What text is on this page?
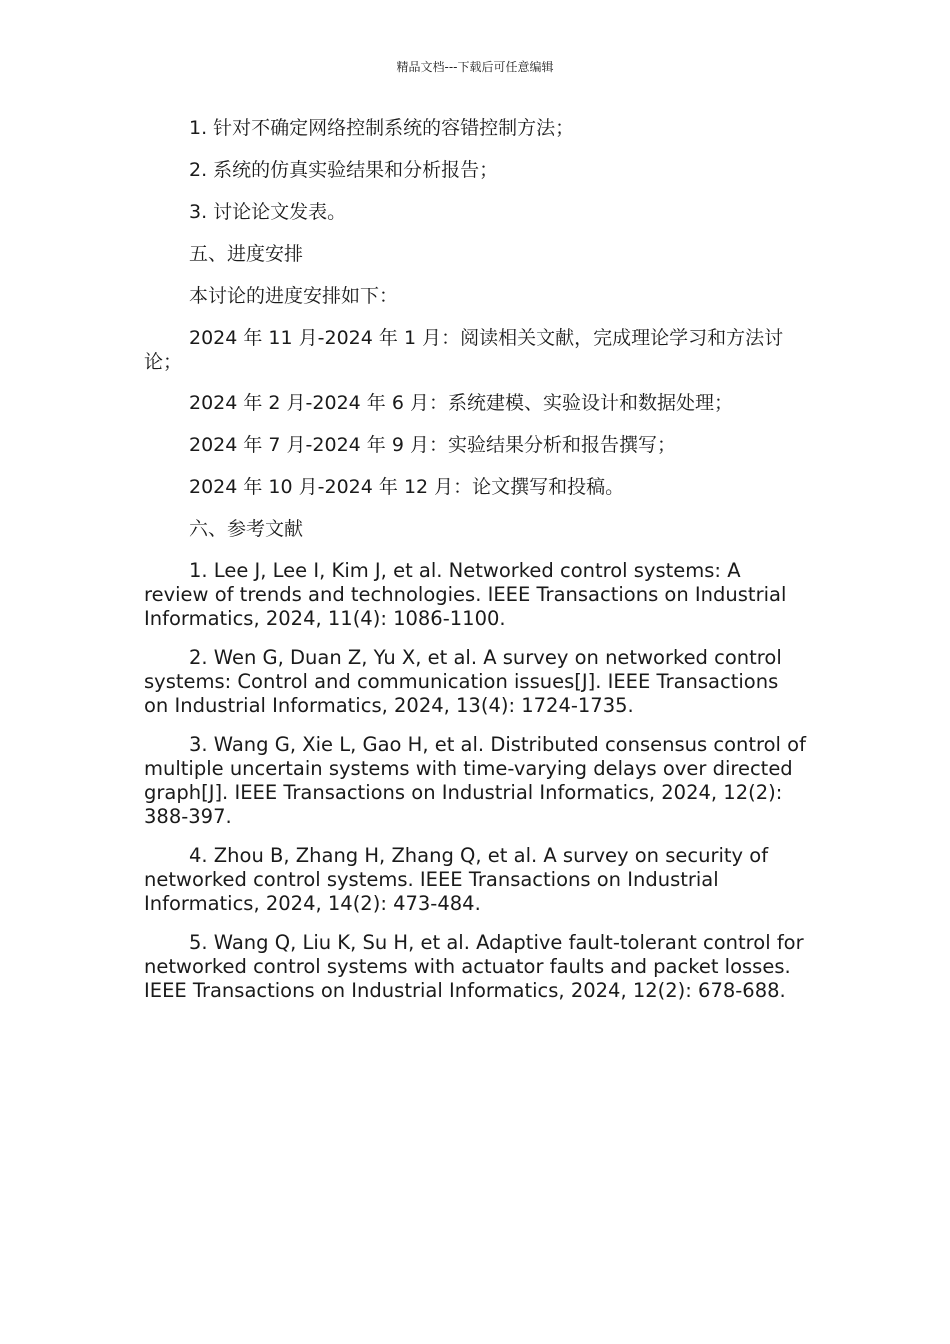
精品文档---下载后可任意编辑

1. 针对不确定网络控制系统的容错控制方法；

2. 系统的仿真实验结果和分析报告；

3. 讨论论文发表。

五、进度安排

本讨论的进度安排如下：

2024 年 11 月-2024 年 1 月：阅读相关文献，完成理论学习和方法讨论；

2024 年 2 月-2024 年 6 月：系统建模、实验设计和数据处理；

2024 年 7 月-2024 年 9 月：实验结果分析和报告撰写；

2024 年 10 月-2024 年 12 月：论文撰写和投稿。

六、参考文献

1. Lee J, Lee I, Kim J, et al. Networked control systems: A review of trends and technologies. IEEE Transactions on Industrial Informatics, 2024, 11(4): 1086-1100.

2. Wen G, Duan Z, Yu X, et al. A survey on networked control systems: Control and communication issues[J]. IEEE Transactions on Industrial Informatics, 2024, 13(4): 1724-1735.

3. Wang G, Xie L, Gao H, et al. Distributed consensus control of multiple uncertain systems with time-varying delays over directed graph[J]. IEEE Transactions on Industrial Informatics, 2024, 12(2): 388-397.

4. Zhou B, Zhang H, Zhang Q, et al. A survey on security of networked control systems. IEEE Transactions on Industrial Informatics, 2024, 14(2): 473-484.

5. Wang Q, Liu K, Su H, et al. Adaptive fault-tolerant control for networked control systems with actuator faults and packet losses. IEEE Transactions on Industrial Informatics, 2024, 12(2): 678-688.
